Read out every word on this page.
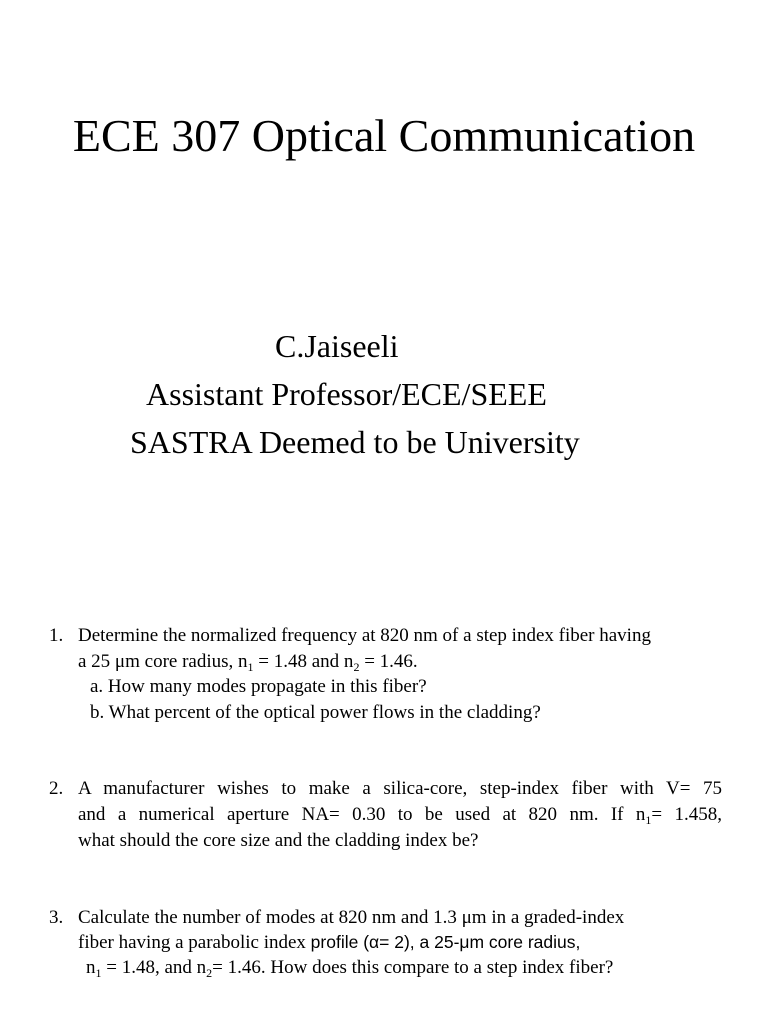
ECE 307 Optical Communication
C.Jaiseeli
Assistant Professor/ECE/SEEE
SASTRA Deemed to be University
1. Determine the normalized frequency at 820 nm of a step index fiber having
a 25 μm core radius, $n_1 = 1.48$ and $n_2 = 1.46$.
a. How many modes propagate in this fiber?
b. What percent of the optical power flows in the cladding?
2. A manufacturer wishes to make a silica-core, step-index fiber with V= 75
and a numerical aperture NA= 0.30 to be used at 820 nm. If $n_1= 1.458$,
what should the core size and the cladding index be?
3. Calculate the number of modes at 820 nm and 1.3 μm in a graded-index
fiber having a parabolic index profile (α= 2), a 25-μm core radius,
$n_1 = 1.48$, and $n_2= 1.46$. How does this compare to a step index fiber?
